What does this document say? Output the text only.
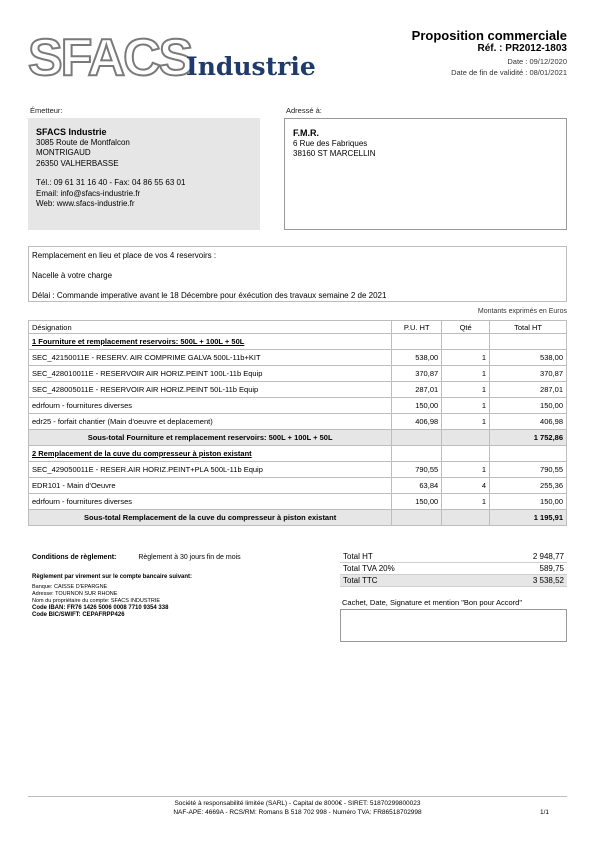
SFACS
Industrie
Proposition commerciale
Réf. : PR2012-1803
Date : 09/12/2020
Date de fin de validité : 08/01/2021
Émetteur:
SFACS Industrie
3085 Route de Montfalcon
MONTRIGAUD
26350 VALHERBASSE
Tél.: 09 61 31 16 40 - Fax: 04 86 55 63 01
Email: info@sfacs-industrie.fr
Web: www.sfacs-industrie.fr
Adressé à:
F.M.R.
6 Rue des Fabriques
38160 ST MARCELLIN
Remplacement en lieu et place de vos 4 reservoirs :
Nacelle à votre charge
Délai : Commande imperative avant le 18 Décembre pour éxécution des travaux semaine 2 de 2021
Montants exprimés en Euros
Désignation	P.U. HT	Qté	Total HT
1 Fourniture et remplacement reservoirs: 500L + 100L + 50L			
SEC_42150011E - RESERV. AIR COMPRIME GALVA 500L-11b+KIT	538,00	1	538,00
SEC_428010011E - RESERVOIR AIR HORIZ.PEINT 100L-11b Equip	370,87	1	370,87
SEC_428005011E - RESERVOIR AIR HORIZ.PEINT 50L-11b Equip	287,01	1	287,01
edrfourn - fournitures diverses	150,00	1	150,00
edr25 - forfait chantier (Main d'oeuvre et deplacement)	406,98	1	406,98
Sous-total Fourniture et remplacement reservoirs: 500L + 100L + 50L			1 752,86
2 Remplacement de la cuve du compresseur à piston existant			
SEC_429050011E - RESER.AIR HORIZ.PEINT+PLA 500L-11b Equip	790,55	1	790,55
EDR101 - Main d'Oeuvre	63,84	4	255,36
edrfourn - fournitures diverses	150,00	1	150,00
Sous-total Remplacement de la cuve du compresseur à piston existant			1 195,91
Conditions de règlement:	Règlement à 30 jours fin de mois
Règlement par virement sur le compte bancaire suivant:
Banque: CAISSE D'EPARGNE
Adresse: TOURNON SUR RHONE
Nom du propriétaire du compte: SFACS INDUSTRIE
Code IBAN: FR76 1426 5006 0008 7710 9354 338
Code BIC/SWIFT: CEPAFRPP426
Total HT	2 948,77
Total TVA 20%	589,75
Total TTC	3 538,52
Cachet, Date, Signature et mention "Bon pour Accord"
Société à responsabilité limitée (SARL) - Capital de 8000€ - SIRET: 51870299800023
NAF-APE: 4669A - RCS/RM: Romans B 518 702 998 - Numéro TVA: FR86518702998	1/1
